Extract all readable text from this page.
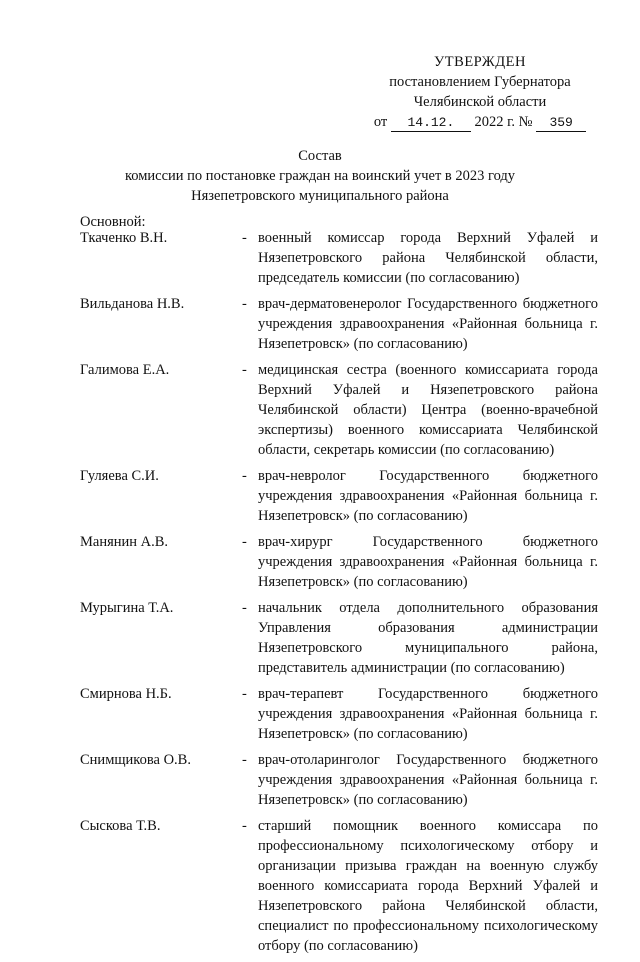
УТВЕРЖДЕН
постановлением Губернатора
Челябинской области
от 14.12. 2022 г. № 359
Состав
комиссии по постановке граждан на воинский учет в 2023 году
Нязепетровского муниципального района
Основной:
Ткаченко В.Н.	- военный комиссар города Верхний Уфалей и Нязепетровского района Челябинской области, председатель комиссии (по согласованию)
Вильданова Н.В.	- врач-дерматовенеролог Государственного бюджетного учреждения здравоохранения «Районная больница г. Нязепетровск» (по согласованию)
Галимова Е.А.	- медицинская сестра (военного комиссариата города Верхний Уфалей и Нязепетровского района Челябинской области) Центра (военно-врачебной экспертизы) военного комиссариата Челябинской области, секретарь комиссии (по согласованию)
Гуляева С.И.	- врач-невролог Государственного бюджетного учреждения здравоохранения «Районная больница г. Нязепетровск» (по согласованию)
Манянин А.В.	- врач-хирург Государственного бюджетного учреждения здравоохранения «Районная больница г. Нязепетровск» (по согласованию)
Мурыгина Т.А.	- начальник отдела дополнительного образования Управления образования администрации Нязепетровского муниципального района, представитель администрации (по согласованию)
Смирнова Н.Б.	- врач-терапевт Государственного бюджетного учреждения здравоохранения «Районная больница г. Нязепетровск» (по согласованию)
Снимщикова О.В.	- врач-отоларинголог Государственного бюджетного учреждения здравоохранения «Районная больница г. Нязепетровск» (по согласованию)
Сыскова Т.В.	- старший помощник военного комиссара по профессиональному психологическому отбору и организации призыва граждан на военную службу военного комиссариата города Верхний Уфалей и Нязепетровского района Челябинской области, специалист по профессиональному психологическому отбору (по согласованию)
